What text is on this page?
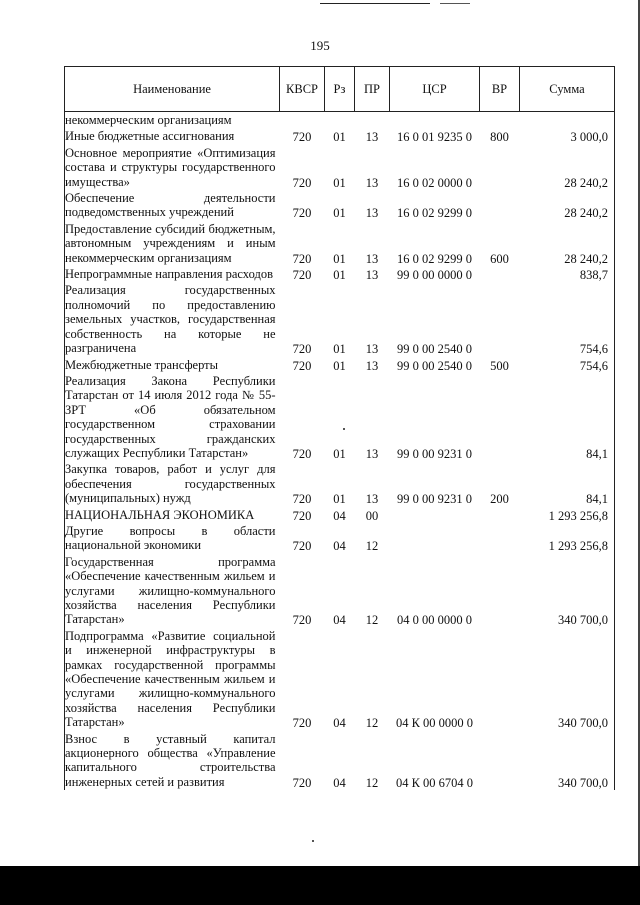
195
Наименование	КВСР	Рз	ПР	ЦСР	ВР	Сумма
некоммерческим организациям						
Иные бюджетные ассигнования	720	01	13	16 0 01 9235 0	800	3 000,0
Основное мероприятие «Оптимизация состава и структуры государственного имущества»	720	01	13	16 0 02 0000 0		28 240,2
Обеспечение деятельности подведомственных учреждений	720	01	13	16 0 02 9299 0		28 240,2
Предоставление субсидий бюджетным, автономным учреждениям и иным некоммерческим организациям	720	01	13	16 0 02 9299 0	600	28 240,2
Непрограммные направления расходов	720	01	13	99 0 00 0000 0		838,7
Реализация государственных полномочий по предоставлению земельных участков, государственная собственность на которые не разграничена	720	01	13	99 0 00 2540 0		754,6
Межбюджетные трансферты	720	01	13	99 0 00 2540 0	500	754,6
Реализация Закона Республики Татарстан от 14 июля 2012 года № 55-ЗРТ «Об обязательном государственном страховании государственных гражданских служащих Республики Татарстан»	720	01	13	99 0 00 9231 0		84,1
Закупка товаров, работ и услуг для обеспечения государственных (муниципальных) нужд	720	01	13	99 0 00 9231 0	200	84,1
НАЦИОНАЛЬНАЯ ЭКОНОМИКА	720	04	00			1 293 256,8
Другие вопросы в области национальной экономики	720	04	12			1 293 256,8
Государственная программа «Обеспечение качественным жильем и услугами жилищно-коммунального хозяйства населения Республики Татарстан»	720	04	12	04 0 00 0000 0		340 700,0
Подпрограмма «Развитие социальной и инженерной инфраструктуры в рамках государственной программы «Обеспечение качественным жильем и услугами жилищно-коммунального хозяйства населения Республики Татарстан»	720	04	12	04 К 00 0000 0		340 700,0
Взнос в уставный капитал акционерного общества «Управление капитального строительства инженерных сетей и развития	720	04	12	04 К 00 6704 0		340 700,0
